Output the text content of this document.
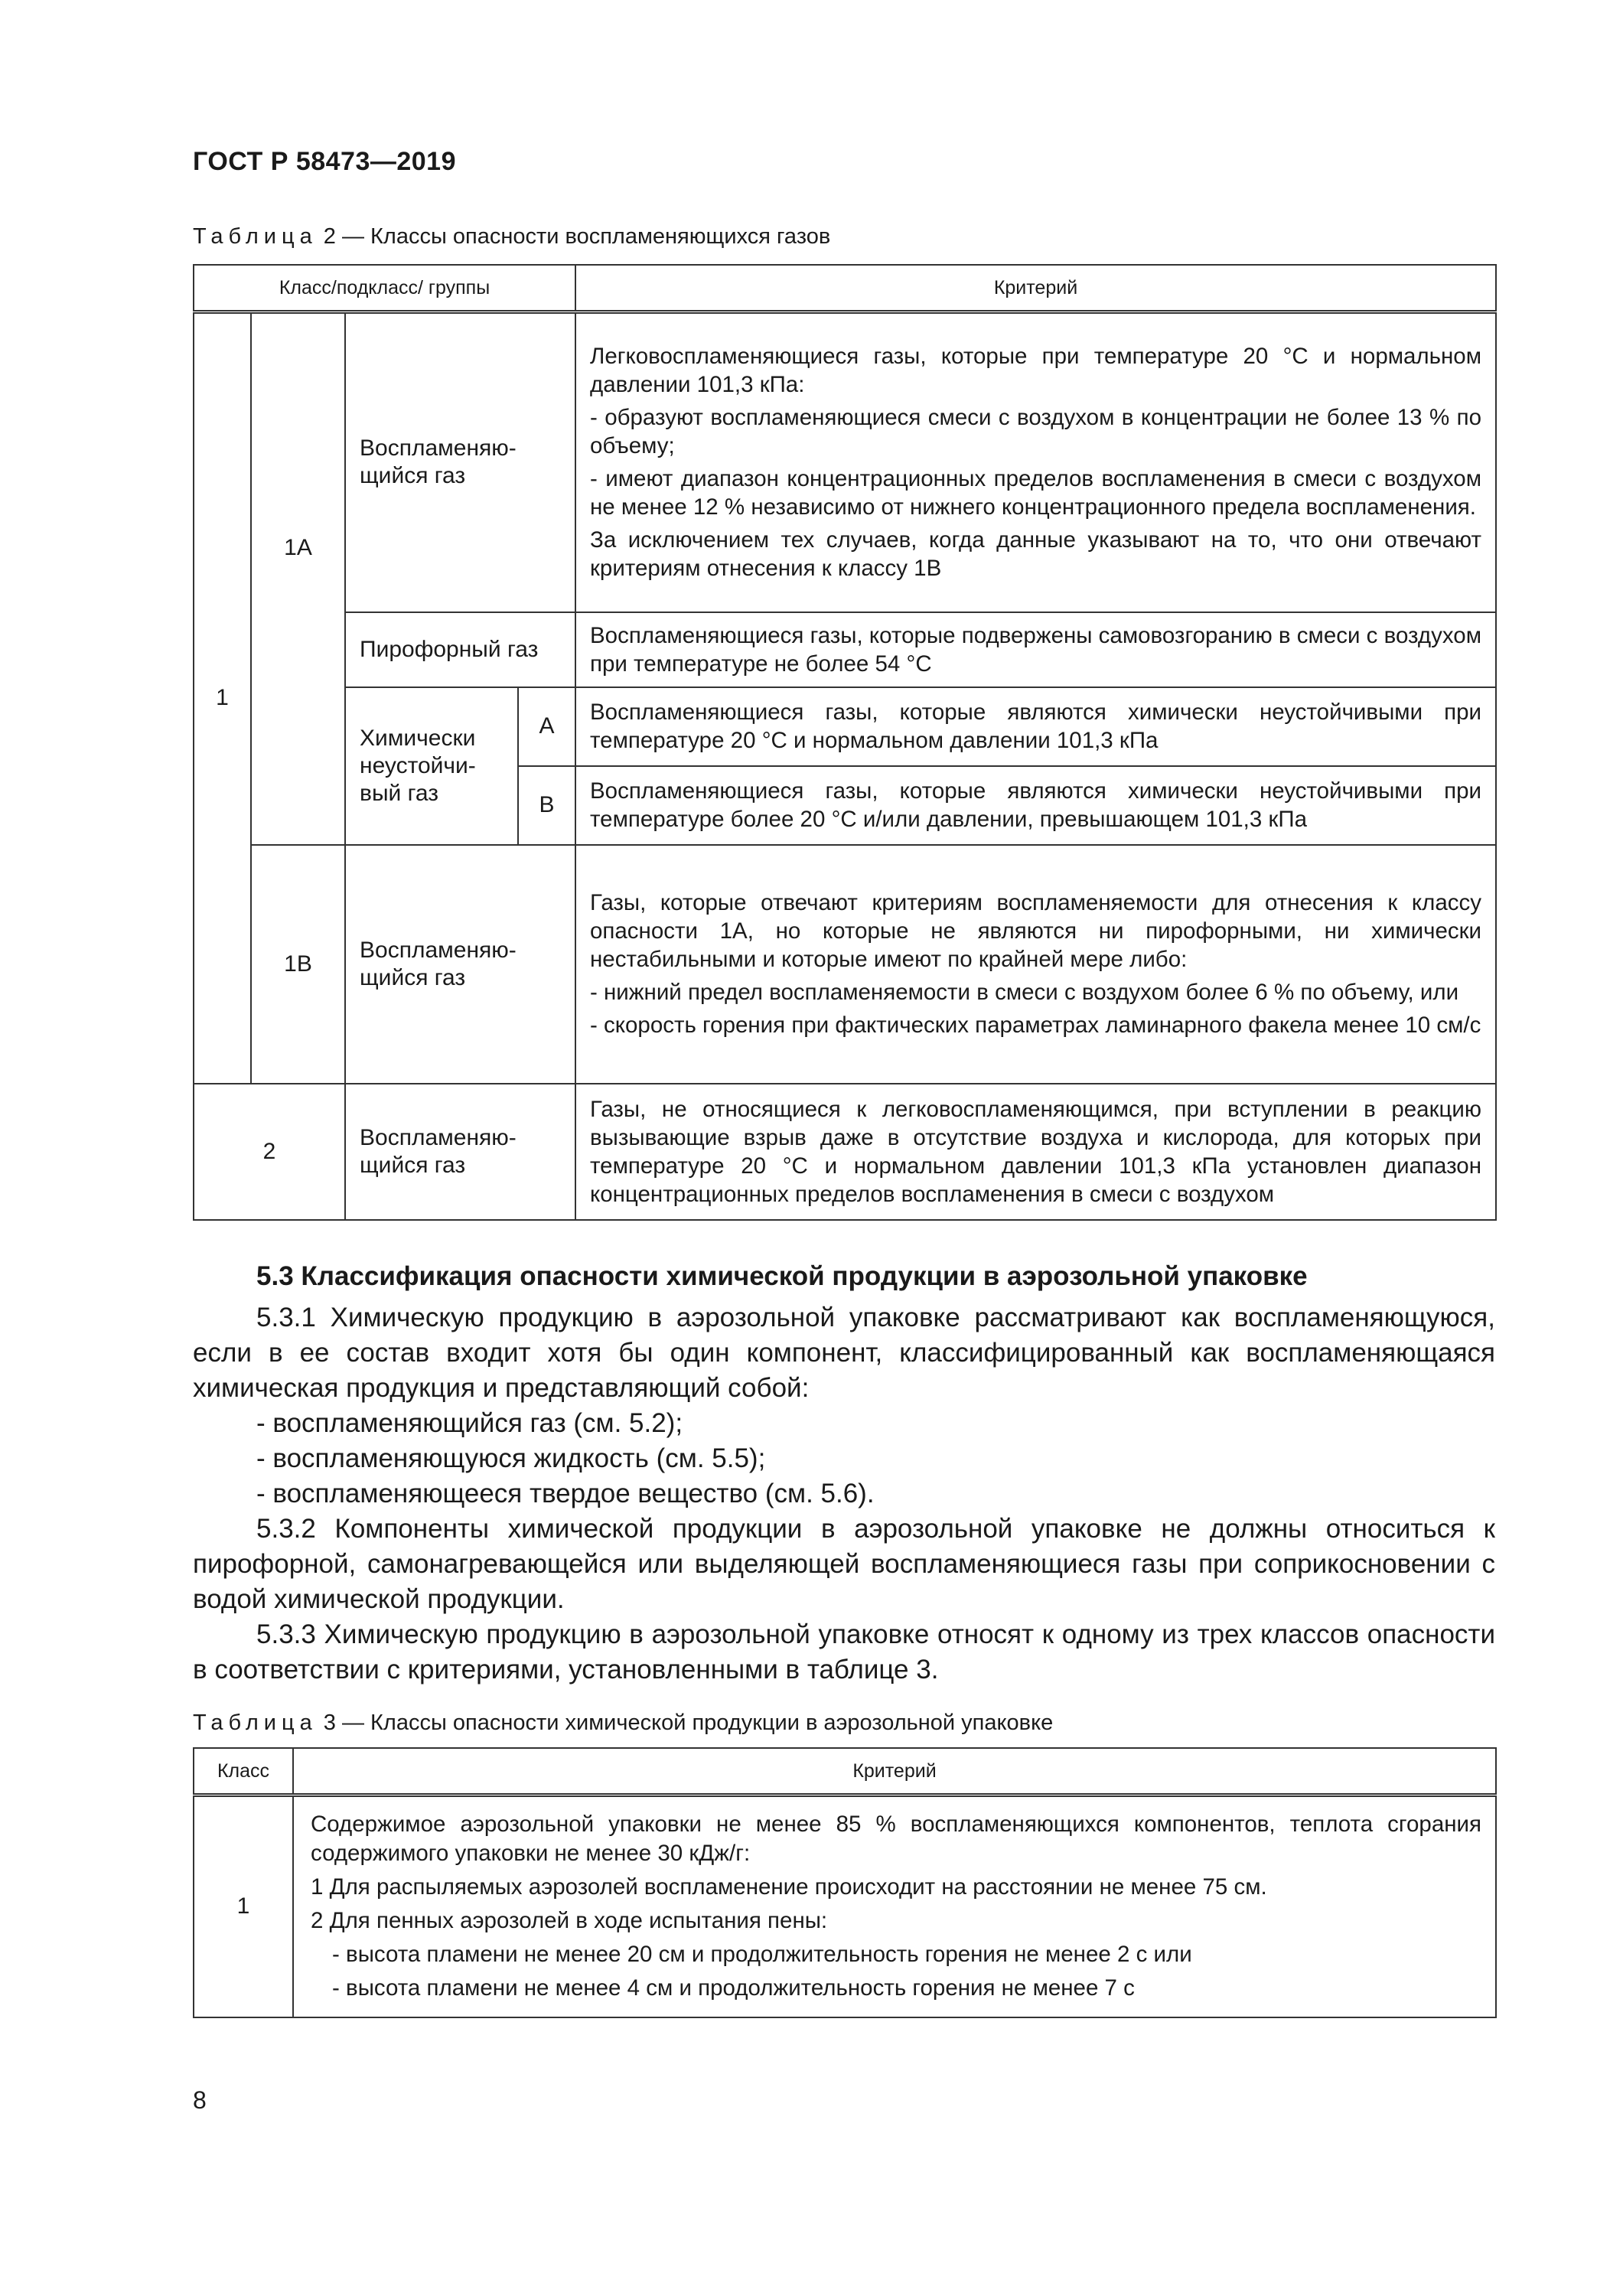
ГОСТ Р 58473—2019
Таблица 2 — Классы опасности воспламеняющихся газов
Класс/подкласс/ группы				Критерий
1	1A	Воспламеняю-щийся газ		Легковоспламеняющиеся газы, которые при температуре 20 °C и нормальном давлении 101,3 кПа:

- образуют воспламеняющиеся смеси с воздухом в концентрации не более 13 % по объему;

- имеют диапазон концентрационных пределов воспламенения в смеси с воздухом не менее 12 % независимо от нижнего концентрационного предела воспламенения.

За исключением тех случаев, когда данные указывают на то, что они отвечают критериям отнесения к классу 1B

		Пирофорный газ		Воспламеняющиеся газы, которые подвержены самовозгоранию в смеси с воздухом при температуре не более 54 °C
		Химически неустойчи-вый газ	A	Воспламеняющиеся газы, которые являются химически неустойчивыми при температуре 20 °C и нормальном давлении 101,3 кПа
			B	Воспламеняющиеся газы, которые являются химически неустойчивыми при температуре более 20 °C и/или давлении, превышающем 101,3 кПа
	1B	Воспламеняю-щийся газ		Газы, которые отвечают критериям воспламеняемости для отнесения к классу опасности 1A, но которые не являются ни пирофорными, ни химически нестабильными и которые имеют по крайней мере либо:

- нижний предел воспламеняемости в смеси с воздухом более 6 % по объему, или

- скорость горения при фактических параметрах ламинарного факела менее 10 см/с

2		Воспламеняю-щийся газ		Газы, не относящиеся к легковоспламеняющимся, при вступлении в реакцию вызывающие взрыв даже в отсутствие воздуха и кислорода, для которых при температуре 20 °C и нормальном давлении 101,3 кПа установлен диапазон концентрационных пределов воспламенения в смеси с воздухом

5.3 Классификация опасности химической продукции в аэрозольной упаковке

5.3.1 Химическую продукцию в аэрозольной упаковке рассматривают как воспламеняющуюся, если в ее состав входит хотя бы один компонент, классифицированный как воспламеняющаяся химическая продукция и представляющий собой:

- воспламеняющийся газ (см. 5.2);

- воспламеняющуюся жидкость (см. 5.5);

- воспламеняющееся твердое вещество (см. 5.6).

5.3.2 Компоненты химической продукции в аэрозольной упаковке не должны относиться к пирофорной, самонагревающейся или выделяющей воспламеняющиеся газы при соприкосновении с водой химической продукции.

5.3.3 Химическую продукцию в аэрозольной упаковке относят к одному из трех классов опасности в соответствии с критериями, установленными в таблице 3.

Таблица 3 — Классы опасности химической продукции в аэрозольной упаковке
Класс	Критерий
1	Содержимое аэрозольной упаковки не менее 85 % воспламеняющихся компонентов, теплота сгорания содержимого упаковки не менее 30 кДж/г:

1 Для распыляемых аэрозолей воспламенение происходит на расстоянии не менее 75 см.

2 Для пенных аэрозолей в ходе испытания пены:

- высота пламени не менее 20 см и продолжительность горения не менее 2 с или

- высота пламени не менее 4 см и продолжительность горения не менее 7 с

8
